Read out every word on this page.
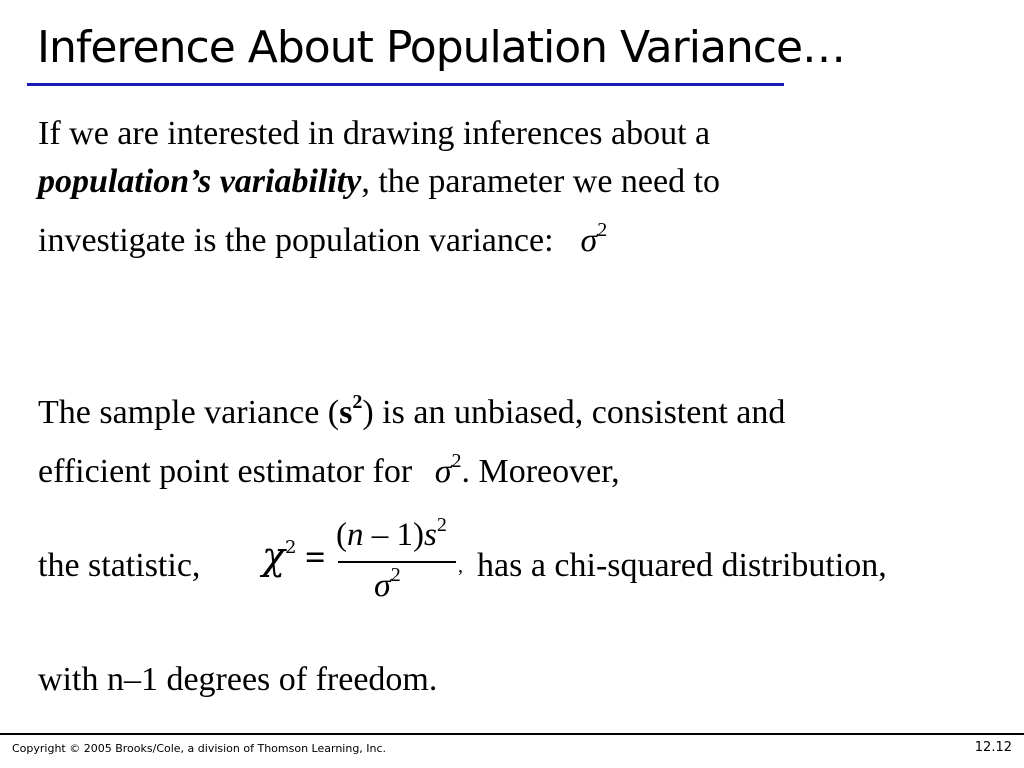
Inference About Population Variance…
If we are interested in drawing inferences about a
population’s variability, the parameter we need to
investigate is the population variance: $\sigma^2$
The sample variance $(s^2)$ is an unbiased, consistent and
efficient point estimator for $\sigma^2$. Moreover,
the statistic, $\chi^2$ =
$(n - 1)s^2$
$\sigma^2$	, has a chi-squared distribution,
with n–1 degrees of freedom.
Copyright © 2005 Brooks/Cole, a division of Thomson Learning, Inc.	12.12
